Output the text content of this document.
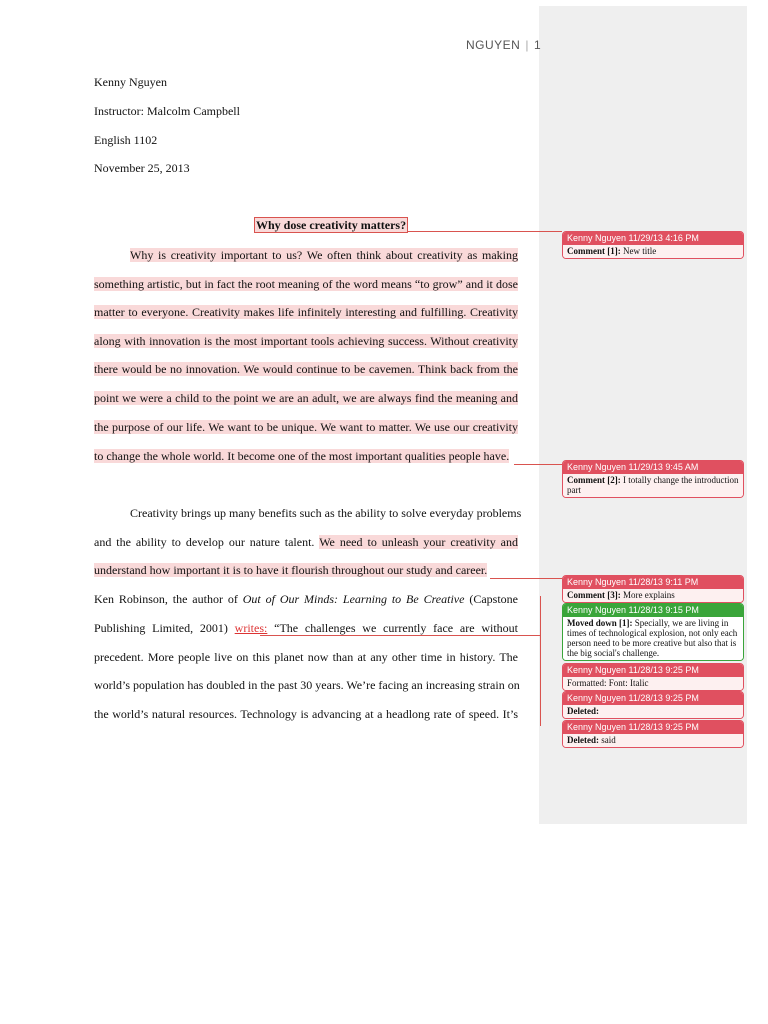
NGUYEN | 1
Kenny Nguyen
Instructor: Malcolm Campbell
English 1102
November 25, 2013
Why dose creativity matters?
Why is creativity important to us? We often think about creativity as making
something artistic, but in fact the root meaning of the word means “to grow” and it dose
matter to everyone. Creativity makes life infinitely interesting and fulfilling. Creativity
along with innovation is the most important tools achieving success. Without creativity
there would be no innovation. We would continue to be cavemen. Think back from the
point we were a child to the point we are an adult, we are always find the meaning and
the purpose of our life. We want to be unique. We want to matter. We use our creativity
to change the whole world. It become one of the most important qualities people have.
Creativity brings up many benefits such as the ability to solve everyday problems
and the ability to develop our nature talent. We need to unleash your creativity and
understand how important it is to have it flourish throughout our study and career.
Ken Robinson, the author of Out of Our Minds: Learning to Be Creative (Capstone
Publishing Limited, 2001) writes: “The challenges we currently face are without
precedent. More people live on this planet now than at any other time in history. The
world’s population has doubled in the past 30 years. We’re facing an increasing strain on
the world’s natural resources. Technology is advancing at a headlong rate of speed. It’s
Kenny Nguyen 11/29/13 4:16 PM
Comment [1]: New title
Kenny Nguyen 11/29/13 9:45 AM
Comment [2]: I totally change the introduction part
Kenny Nguyen 11/28/13 9:11 PM
Comment [3]: More explains
Kenny Nguyen 11/28/13 9:15 PM
Moved down [1]: Specially, we are living in times of technological explosion, not only each person need to be more creative but also that is the big social's challenge.
Kenny Nguyen 11/28/13 9:25 PM
Formatted: Font: Italic
Kenny Nguyen 11/28/13 9:25 PM
Deleted:
Kenny Nguyen 11/28/13 9:25 PM
Deleted: said
